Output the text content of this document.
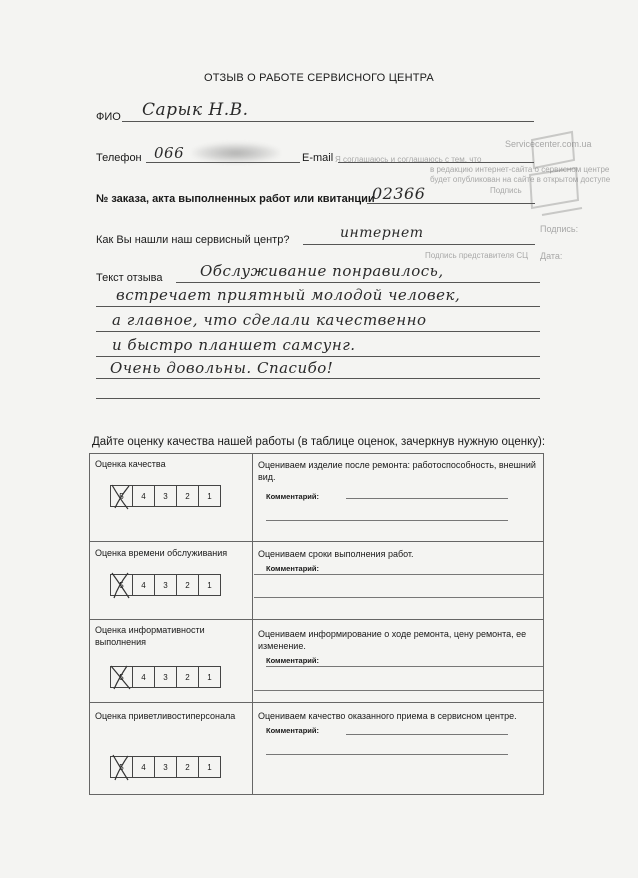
Servicecenter.com.ua
Я соглашаюсь и соглашаюсь с тем, что
в редакцию интернет-сайта о сервисном центре
будет опубликован на сайте в открытом доступе
Подпись
Подпись:
Дата:
Подпись представителя СЦ
ОТЗЫВ О РАБОТЕ СЕРВИСНОГО ЦЕНТРА
ФИО Сарык Н.В.
Телефон 066	E-mail
№ заказа, акта выполненных работ или квитанции
02366
Как Вы нашли наш сервисный центр?	интернет
Текст отзыва	Обслуживание понравилось,
встречает приятный молодой человек,
а главное, что сделали качественно
и быстро планшет самсунг.
Очень довольны. Спасибо!
Дайте оценку качества нашей работы (в таблице оценок, зачеркнув нужную оценку):
Оценка качества
5	4	3	2	1
Оцениваем изделие после ремонта: работоспособность, внешний вид.
Комментарий:
Оценка времени обслуживания
5	4	3	2	1
Оцениваем сроки выполнения работ.
Комментарий:
Оценка информативности выполнения
5	4	3	2	1
Оцениваем информирование о ходе ремонта, цену ремонта, ее изменение.
Комментарий:
Оценка приветливостиперсонала
5	4	3	2	1
Оцениваем качество оказанного приема в сервисном центре.
Комментарий:
